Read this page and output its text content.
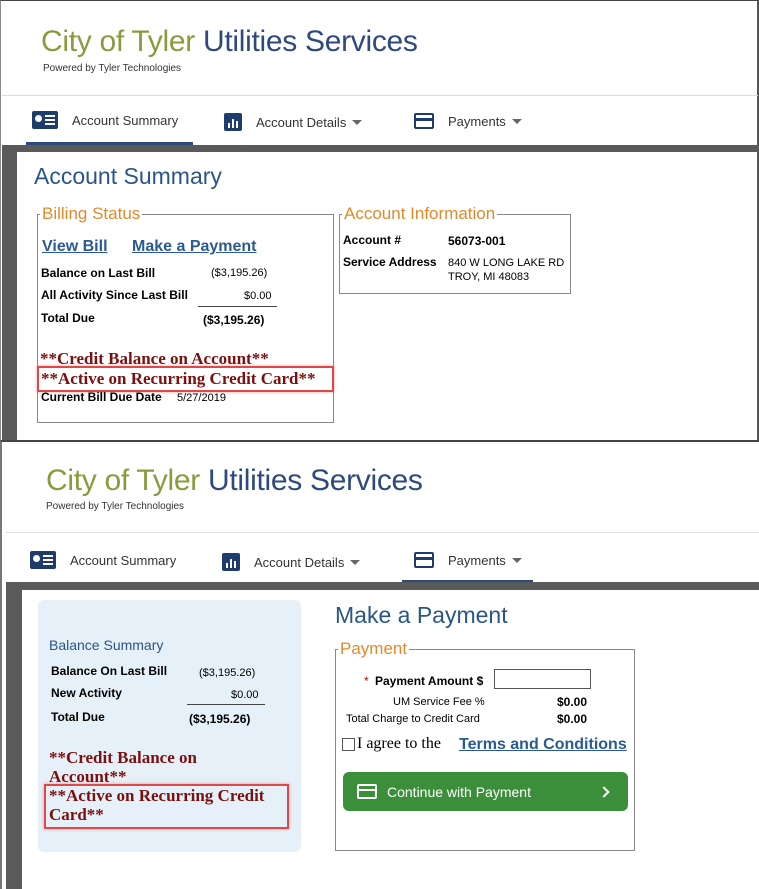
City of Tyler Utilities Services
Powered by Tyler Technologies
Account Summary	Account Details	Payments
Account Summary
Billing Status
View Bill Make a Payment
Balance on Last Bill	($3,195.26)
All Activity Since Last Bill	$0.00
Total Due	($3,195.26)
**Credit Balance on Account**
**Active on Recurring Credit Card**
Current Bill Due Date 5/27/2019
Account Information
Account #	56073-001
Service Address 840 W LONG LAKE RD
TROY, MI 48083
City of Tyler Utilities Services
Powered by Tyler Technologies
Account Summary	Account Details	Payments
Balance Summary
Balance On Last Bill	($3,195.26)
New Activity	$0.00
Total Due	($3,195.26)
**Credit Balance on
Account**
**Active on Recurring Credit
Card**
Make a Payment
Payment
* Payment Amount $
UM Service Fee %	$0.00
Total Charge to Credit Card	$0.00
I agree to the Terms and Conditions
Continue with Payment
